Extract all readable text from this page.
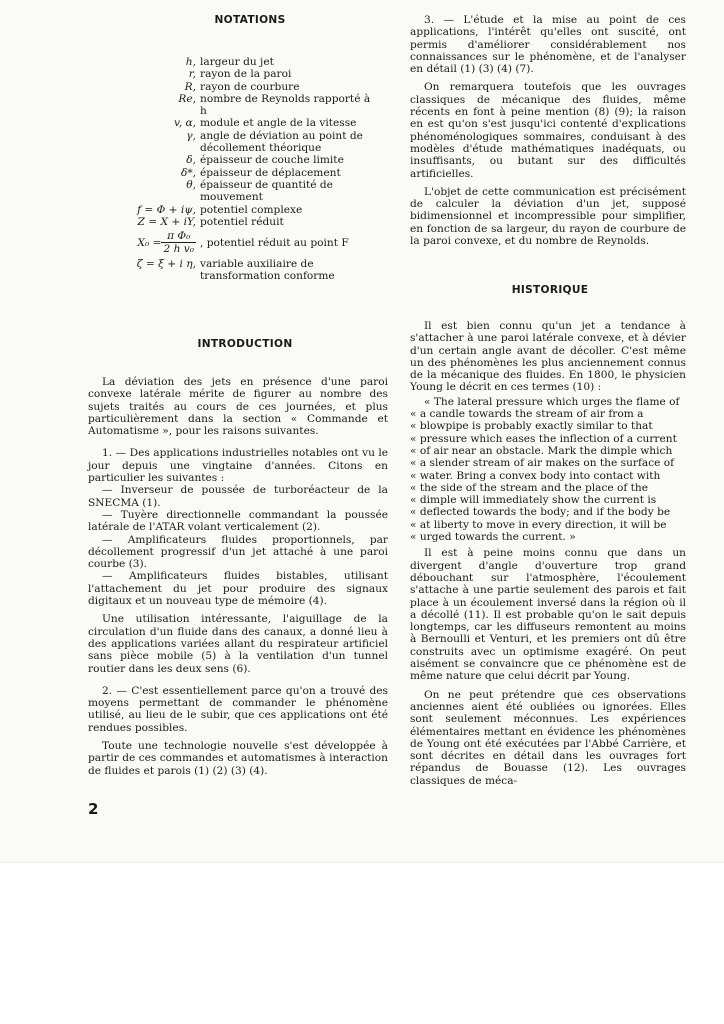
NOTATIONS
h, largeur du jet
r, rayon de la paroi
R, rayon de courbure
Re, nombre de Reynolds rapporté à h
v, α, module et angle de la vitesse
γ, angle de déviation au point de décollement théorique
δ, épaisseur de couche limite
δ*, épaisseur de déplacement
θ, épaisseur de quantité de mouvement
f = Φ + iψ, potentiel complexe
Z = X + iY, potentiel réduit
$X_0 = \frac{\text{π Φ₀}}{\text{2 h v₀}}$ , potentiel réduit au point F
ζ = ξ + i η, variable auxiliaire de transformation conforme
INTRODUCTION

La déviation des jets en présence d'une paroi convexe latérale mérite de figurer au nombre des sujets traités au cours de ces journées, et plus particulièrement dans la section « Commande et Automatisme », pour les raisons suivantes.

1. — Des applications industrielles notables ont vu le jour depuis une vingtaine d'années. Citons en particulier les suivantes :

— Inverseur de poussée de turboréacteur de la SNECMA (1).

— Tuyère directionnelle commandant la poussée latérale de l'ATAR volant verticalement (2).

— Amplificateurs fluides proportionnels, par décollement progressif d'un jet attaché à une paroi courbe (3).

— Amplificateurs fluides bistables, utilisant l'attachement du jet pour produire des signaux digitaux et un nouveau type de mémoire (4).

Une utilisation intéressante, l'aiguillage de la circulation d'un fluide dans des canaux, a donné lieu à des applications variées allant du respirateur artificiel sans pièce mobile (5) à la ventilation d'un tunnel routier dans les deux sens (6).

2. — C'est essentiellement parce qu'on a trouvé des moyens permettant de commander le phénomène utilisé, au lieu de le subir, que ces applications ont été rendues possibles.

Toute une technologie nouvelle s'est développée à partir de ces commandes et automatismes à interaction de fluides et parois (1) (2) (3) (4).

3. — L'étude et la mise au point de ces applications, l'intérêt qu'elles ont suscité, ont permis d'améliorer considérablement nos connaissances sur le phénomène, et de l'analyser en détail (1) (3) (4) (7).

On remarquera toutefois que les ouvrages classiques de mécanique des fluides, même récents en font à peine mention (8) (9); la raison en est qu'on s'est jusqu'ici contenté d'explications phénoménologiques sommaires, conduisant à des modèles d'étude mathématiques inadéquats, ou insuffisants, ou butant sur des difficultés artificielles.

L'objet de cette communication est précisément de calculer la déviation d'un jet, supposé bidimensionnel et incompressible pour simplifier, en fonction de sa largeur, du rayon de courbure de la paroi convexe, et du nombre de Reynolds.

HISTORIQUE

Il est bien connu qu'un jet a tendance à s'attacher à une paroi latérale convexe, et à dévier d'un certain angle avant de décoller. C'est même un des phénomènes les plus anciennement connus de la mécanique des fluides. En 1800, le physicien Young le décrit en ces termes (10) :

« The lateral pressure which urges the flame of

« a candle towards the stream of air from a

« blowpipe is probably exactly similar to that

« pressure which eases the inflection of a current

« of air near an obstacle. Mark the dimple which

« a slender stream of air makes on the surface of

« water. Bring a convex body into contact with

« the side of the stream and the place of the

« dimple will immediately show the current is

« deflected towards the body; and if the body be

« at liberty to move in every direction, it will be

« urged towards the current. »

Il est à peine moins connu que dans un divergent d'angle d'ouverture trop grand débouchant sur l'atmosphère, l'écoulement s'attache à une partie seulement des parois et fait place à un écoulement inversé dans la région où il a décollé (11). Il est probable qu'on le sait depuis longtemps, car les diffuseurs remontent au moins à Bernoulli et Venturi, et les premiers ont dû être construits avec un optimisme exagéré. On peut aisément se convaincre que ce phénomène est de même nature que celui décrit par Young.

On ne peut prétendre que ces observations anciennes aient été oubliées ou ignorées. Elles sont seulement méconnues. Les expériences élémentaires mettant en évidence les phénomènes de Young ont été exécutées par l'Abbé Carrière, et sont décrites en détail dans les ouvrages fort répandus de Bouasse (12). Les ouvrages classiques de méca-

2
